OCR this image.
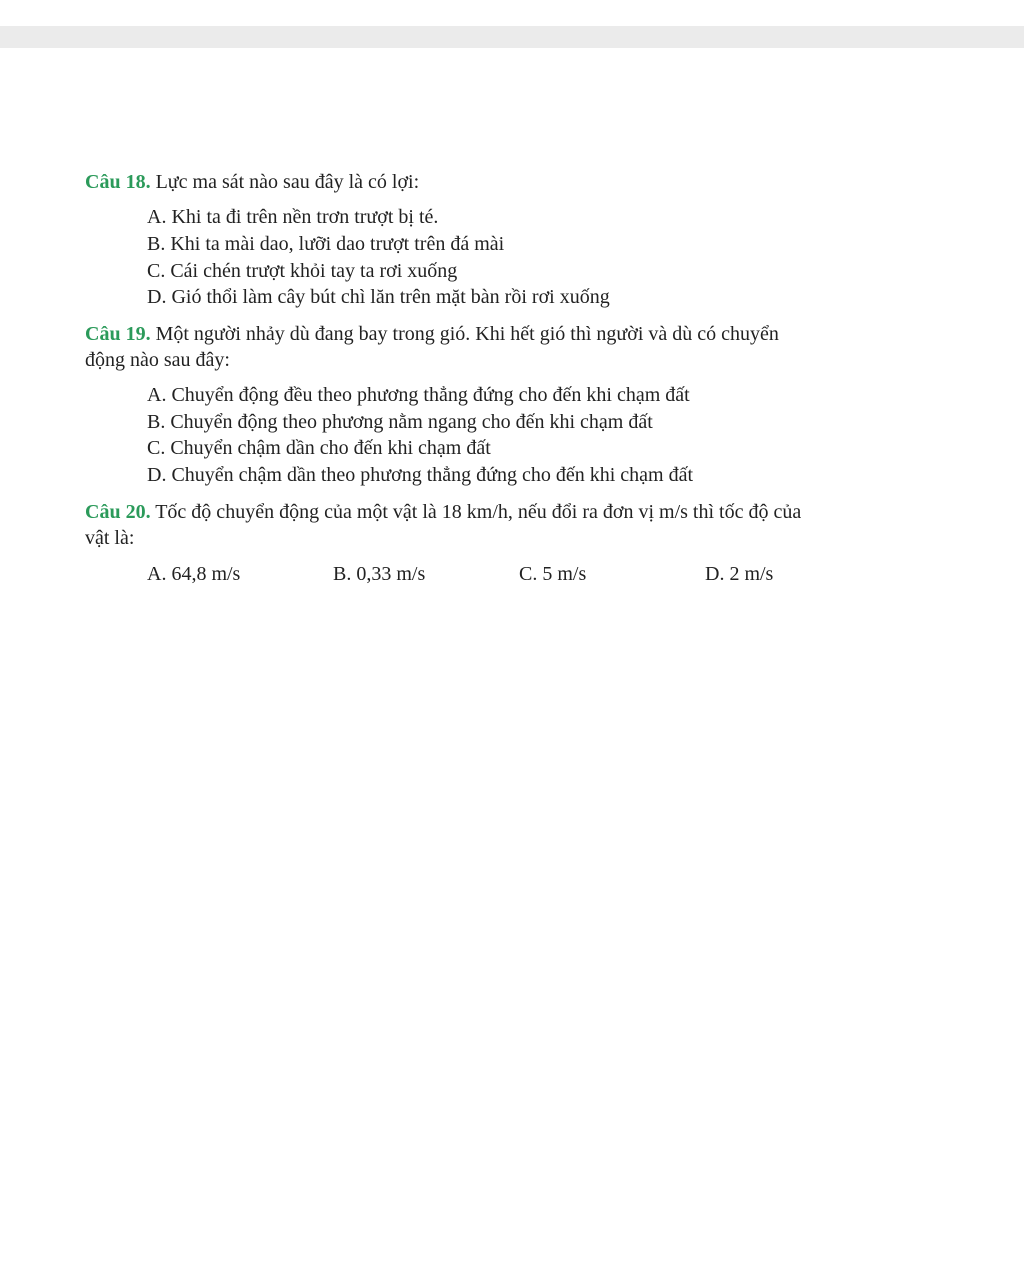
Câu 18. Lực ma sát nào sau đây là có lợi:
A. Khi ta đi trên nền trơn trượt bị té.
B. Khi ta mài dao, lưỡi dao trượt trên đá mài
C. Cái chén trượt khỏi tay ta rơi xuống
D. Gió thổi làm cây bút chì lăn trên mặt bàn rồi rơi xuống
Câu 19. Một người nhảy dù đang bay trong gió. Khi hết gió thì người và dù có chuyển
động nào sau đây:
A. Chuyển động đều theo phương thẳng đứng cho đến khi chạm đất
B. Chuyển động theo phương nằm ngang cho đến khi chạm đất
C. Chuyển chậm dần cho đến khi chạm đất
D. Chuyển chậm dần theo phương thẳng đứng cho đến khi chạm đất
Câu 20. Tốc độ chuyển động của một vật là 18 km/h, nếu đổi ra đơn vị m/s thì tốc độ của
vật là:
A. 64,8 m/s	B. 0,33 m/s	C. 5 m/s	D. 2 m/s
